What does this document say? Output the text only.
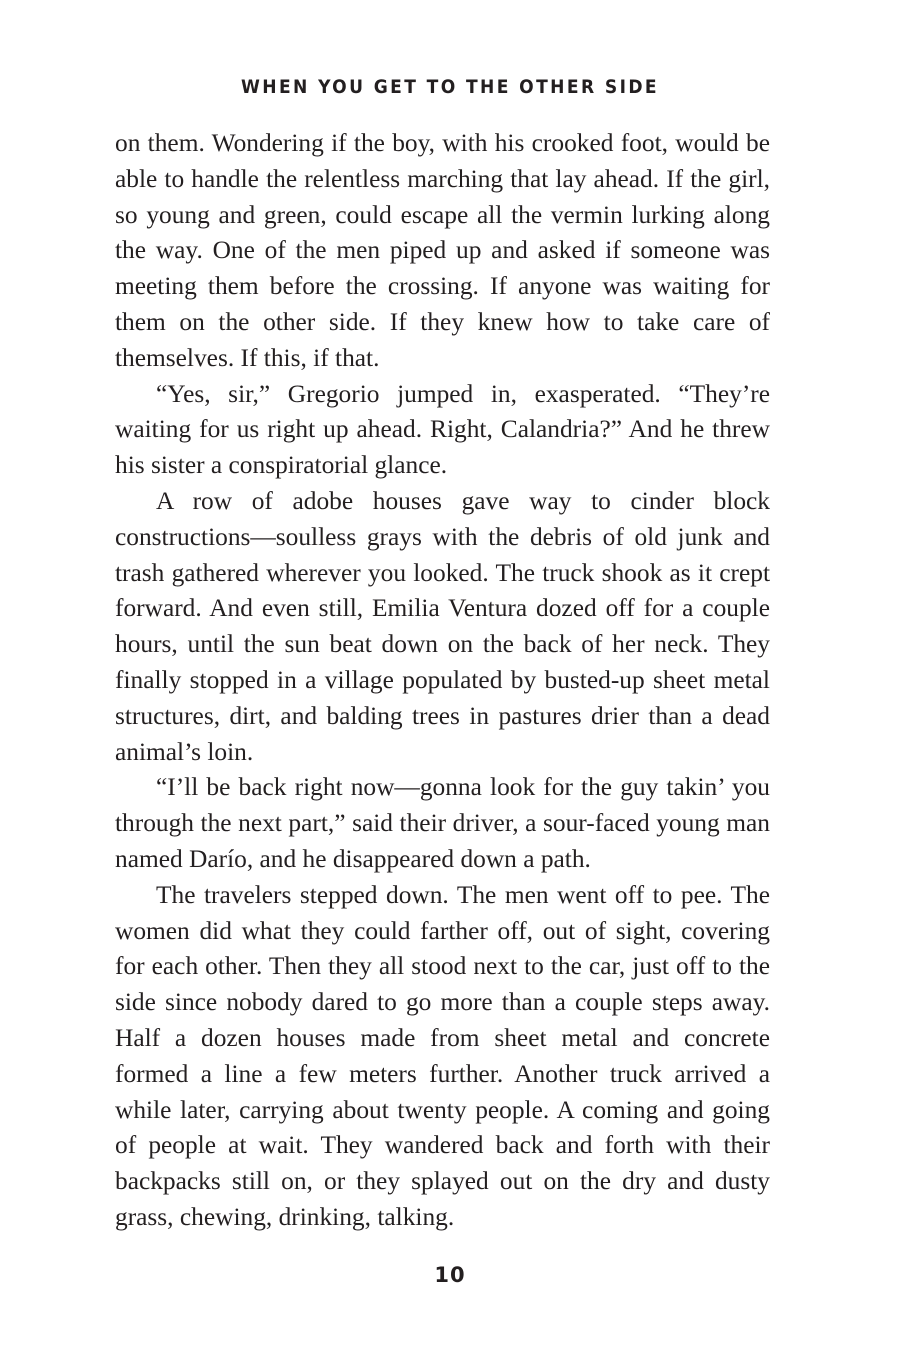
WHEN YOU GET TO THE OTHER SIDE

on them. Wondering if the boy, with his crooked foot, would be able to handle the relentless marching that lay ahead. If the girl, so young and green, could escape all the vermin lurking along the way. One of the men piped up and asked if someone was meeting them before the crossing. If anyone was waiting for them on the other side. If they knew how to take care of themselves. If this, if that.

“Yes, sir,” Gregorio jumped in, exasperated. “They’re waiting for us right up ahead. Right, Calandria?” And he threw his sister a conspiratorial glance.

A row of adobe houses gave way to cinder block constructions—soulless grays with the debris of old junk and trash gathered wherever you looked. The truck shook as it crept forward. And even still, Emilia Ventura dozed off for a couple hours, until the sun beat down on the back of her neck. They finally stopped in a village populated by busted-up sheet metal structures, dirt, and balding trees in pastures drier than a dead animal’s loin.

“I’ll be back right now—gonna look for the guy takin’ you through the next part,” said their driver, a sour-faced young man named Darío, and he disappeared down a path.

The travelers stepped down. The men went off to pee. The women did what they could farther off, out of sight, covering for each other. Then they all stood next to the car, just off to the side since nobody dared to go more than a couple steps away. Half a dozen houses made from sheet metal and concrete formed a line a few meters further. Another truck arrived a while later, carrying about twenty people. A coming and going of people at wait. They wandered back and forth with their backpacks still on, or they splayed out on the dry and dusty grass, chewing, drinking, talking.

10
